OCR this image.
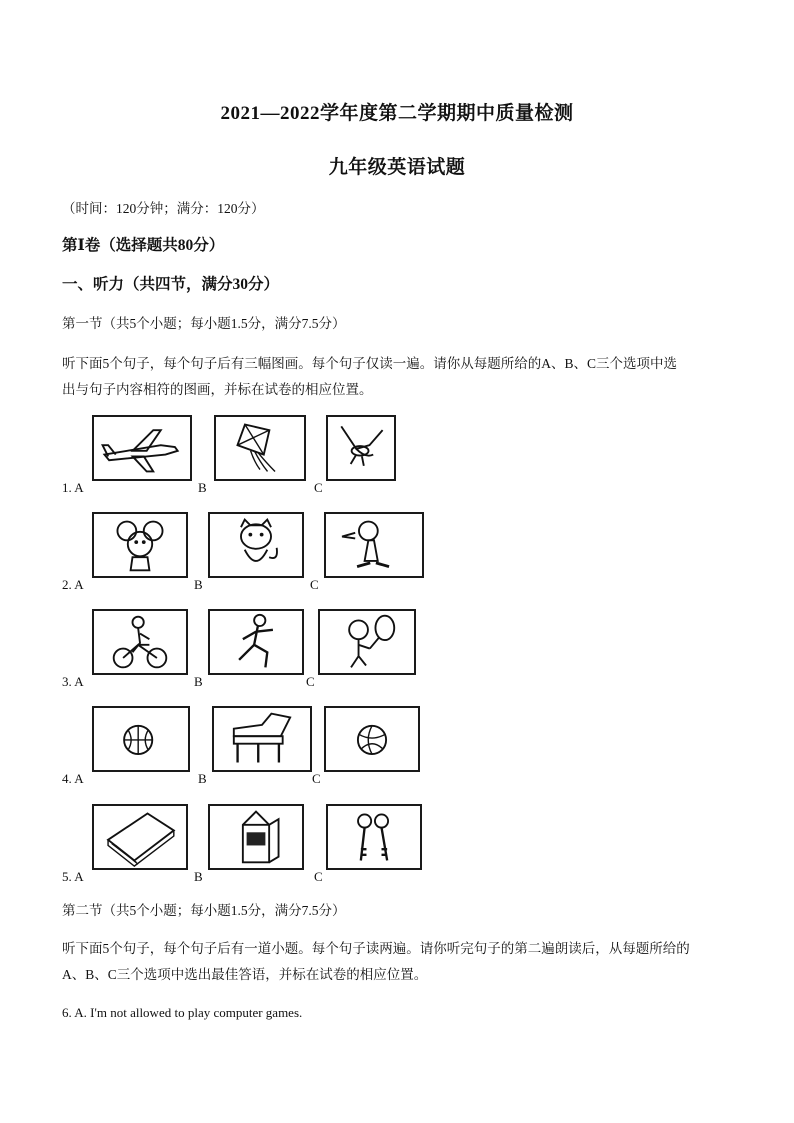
2021—2022学年度第二学期期中质量检测
九年级英语试题
（时间：120分钟；满分：120分）
第Ⅰ卷（选择题共80分）
一、听力（共四节，满分30分）
第一节（共5个小题；每小题1.5分，满分7.5分）
听下面5个句子，每个句子后有三幅图画。每个句子仅读一遍。请你从每题所给的A、B、C三个选项中选
出与句子内容相符的图画，并标在试卷的相应位置。
1. A	B	C
2. A	B	C
3. A	B	C
4. A	B	C
5. A	B	C
第二节（共5个小题；每小题1.5分，满分7.5分）
听下面5个句子，每个句子后有一道小题。每个句子读两遍。请你听完句子的第二遍朗读后，从每题所给的
A、B、C三个选项中选出最佳答语，并标在试卷的相应位置。
6. A. I'm not allowed to play computer games.
